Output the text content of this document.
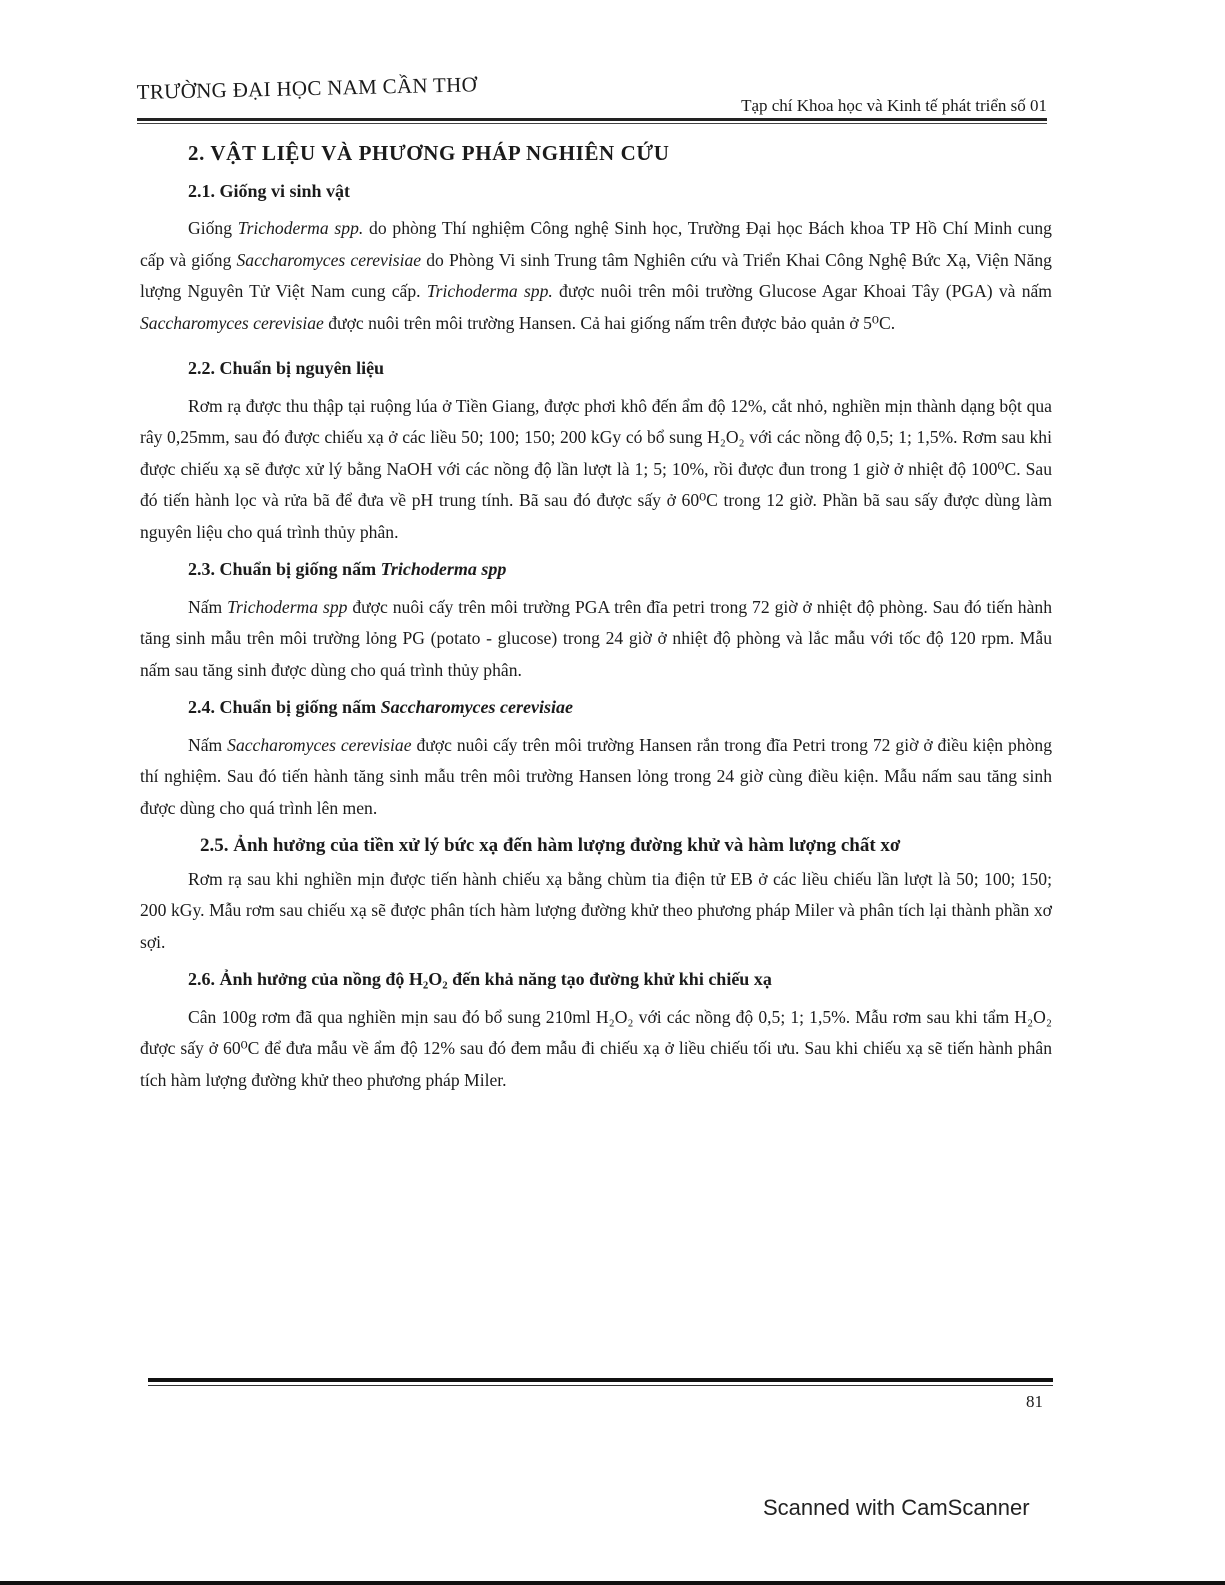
TRƯỜNG ĐẠI HỌC NAM CẦN THƠ
Tạp chí Khoa học và Kinh tế phát triển số 01

2. VẬT LIỆU VÀ PHƯƠNG PHÁP NGHIÊN CỨU

2.1. Giống vi sinh vật

Giống Trichoderma spp. do phòng Thí nghiệm Công nghệ Sinh học, Trường Đại học Bách khoa TP Hồ Chí Minh cung cấp và giống Saccharomyces cerevisiae do Phòng Vi sinh Trung tâm Nghiên cứu và Triển Khai Công Nghệ Bức Xạ, Viện Năng lượng Nguyên Tử Việt Nam cung cấp. Trichoderma spp. được nuôi trên môi trường Glucose Agar Khoai Tây (PGA) và nấm Saccharomyces cerevisiae được nuôi trên môi trường Hansen. Cả hai giống nấm trên được bảo quản ở 5⁰C.

2.2. Chuẩn bị nguyên liệu

Rơm rạ được thu thập tại ruộng lúa ở Tiền Giang, được phơi khô đến ẩm độ 12%, cắt nhỏ, nghiền mịn thành dạng bột qua rây 0,25mm, sau đó được chiếu xạ ở các liều 50; 100; 150; 200 kGy có bổ sung H₂O₂ với các nồng độ 0,5; 1; 1,5%. Rơm sau khi được chiếu xạ sẽ được xử lý bằng NaOH với các nồng độ lần lượt là 1; 5; 10%, rồi được đun trong 1 giờ ở nhiệt độ 100⁰C. Sau đó tiến hành lọc và rửa bã để đưa về pH trung tính. Bã sau đó được sấy ở 60⁰C trong 12 giờ. Phần bã sau sấy được dùng làm nguyên liệu cho quá trình thủy phân.

2.3. Chuẩn bị giống nấm Trichoderma spp

Nấm Trichoderma spp được nuôi cấy trên môi trường PGA trên đĩa petri trong 72 giờ ở nhiệt độ phòng. Sau đó tiến hành tăng sinh mẫu trên môi trường lỏng PG (potato - glucose) trong 24 giờ ở nhiệt độ phòng và lắc mẫu với tốc độ 120 rpm. Mẫu nấm sau tăng sinh được dùng cho quá trình thủy phân.

2.4. Chuẩn bị giống nấm Saccharomyces cerevisiae

Nấm Saccharomyces cerevisiae được nuôi cấy trên môi trường Hansen rắn trong đĩa Petri trong 72 giờ ở điều kiện phòng thí nghiệm. Sau đó tiến hành tăng sinh mẫu trên môi trường Hansen lỏng trong 24 giờ cùng điều kiện. Mẫu nấm sau tăng sinh được dùng cho quá trình lên men.

2.5. Ảnh hưởng của tiền xử lý bức xạ đến hàm lượng đường khử và hàm lượng chất xơ

Rơm rạ sau khi nghiền mịn được tiến hành chiếu xạ bằng chùm tia điện tử EB ở các liều chiếu lần lượt là 50; 100; 150; 200 kGy. Mẫu rơm sau chiếu xạ sẽ được phân tích hàm lượng đường khử theo phương pháp Miler và phân tích lại thành phần xơ sợi.

2.6. Ảnh hưởng của nồng độ H₂O₂ đến khả năng tạo đường khử khi chiếu xạ

Cân 100g rơm đã qua nghiền mịn sau đó bổ sung 210ml H₂O₂ với các nồng độ 0,5; 1; 1,5%. Mẫu rơm sau khi tẩm H₂O₂ được sấy ở 60⁰C để đưa mẫu về ẩm độ 12% sau đó đem mẫu đi chiếu xạ ở liều chiếu tối ưu. Sau khi chiếu xạ sẽ tiến hành phân tích hàm lượng đường khử theo phương pháp Miler.

81
Scanned with CamScanner
